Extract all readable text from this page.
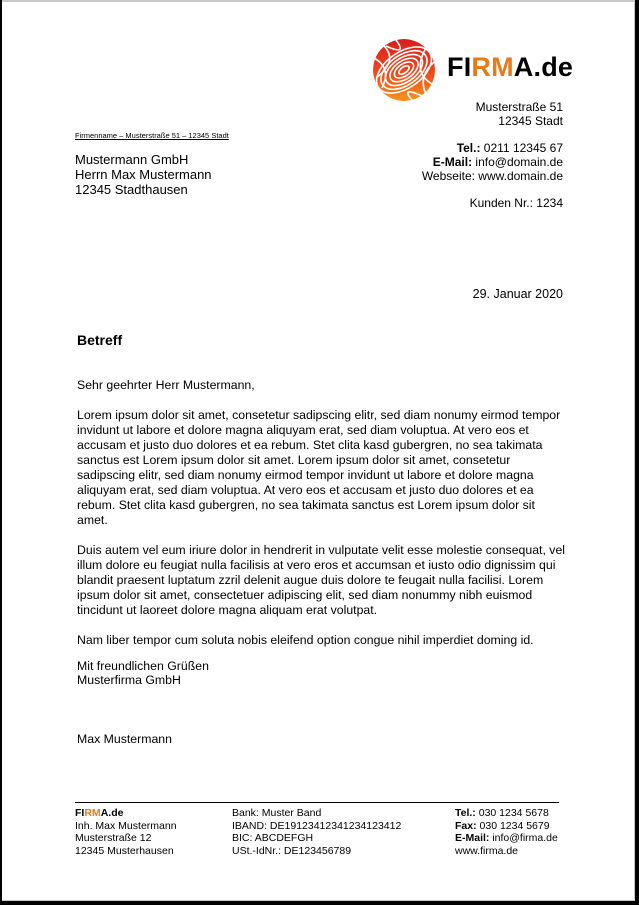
FIRMA.de
Musterstraße 51
12345 Stadt
Tel.: 0211 12345 67
E-Mail: info@domain.de
Webseite: www.domain.de
Kunden Nr.: 1234
Firmenname – Musterstraße 51 – 12345 Stadt
Mustermann GmbH
Herrn Max Mustermann
12345 Stadthausen
29. Januar 2020
Betreff

Sehr geehrter Herr Mustermann,

Lorem ipsum dolor sit amet, consetetur sadipscing elitr, sed diam nonumy eirmod tempor invidunt ut labore et dolore magna aliquyam erat, sed diam voluptua. At vero eos et accusam et justo duo dolores et ea rebum. Stet clita kasd gubergren, no sea takimata sanctus est Lorem ipsum dolor sit amet. Lorem ipsum dolor sit amet, consetetur sadipscing elitr, sed diam nonumy eirmod tempor invidunt ut labore et dolore magna aliquyam erat, sed diam voluptua. At vero eos et accusam et justo duo dolores et ea rebum. Stet clita kasd gubergren, no sea takimata sanctus est Lorem ipsum dolor sit amet.

Duis autem vel eum iriure dolor in hendrerit in vulputate velit esse molestie consequat, vel illum dolore eu feugiat nulla facilisis at vero eros et accumsan et iusto odio dignissim qui blandit praesent luptatum zzril delenit augue duis dolore te feugait nulla facilisi. Lorem ipsum dolor sit amet, consectetuer adipiscing elit, sed diam nonummy nibh euismod tincidunt ut laoreet dolore magna aliquam erat volutpat.

Nam liber tempor cum soluta nobis eleifend option congue nihil imperdiet doming id.

Mit freundlichen Grüßen
Musterfirma GmbH
Max Mustermann
FIRMA.de
Inh. Max Mustermann
Musterstraße 12
12345 Musterhausen
Bank: Muster Band
IBAND: DE19123412341234123412
BIC: ABCDEFGH
USt.-IdNr.: DE123456789
Tel.: 030 1234 5678
Fax: 030 1234 5679
E-Mail: info@firma.de
www.firma.de
